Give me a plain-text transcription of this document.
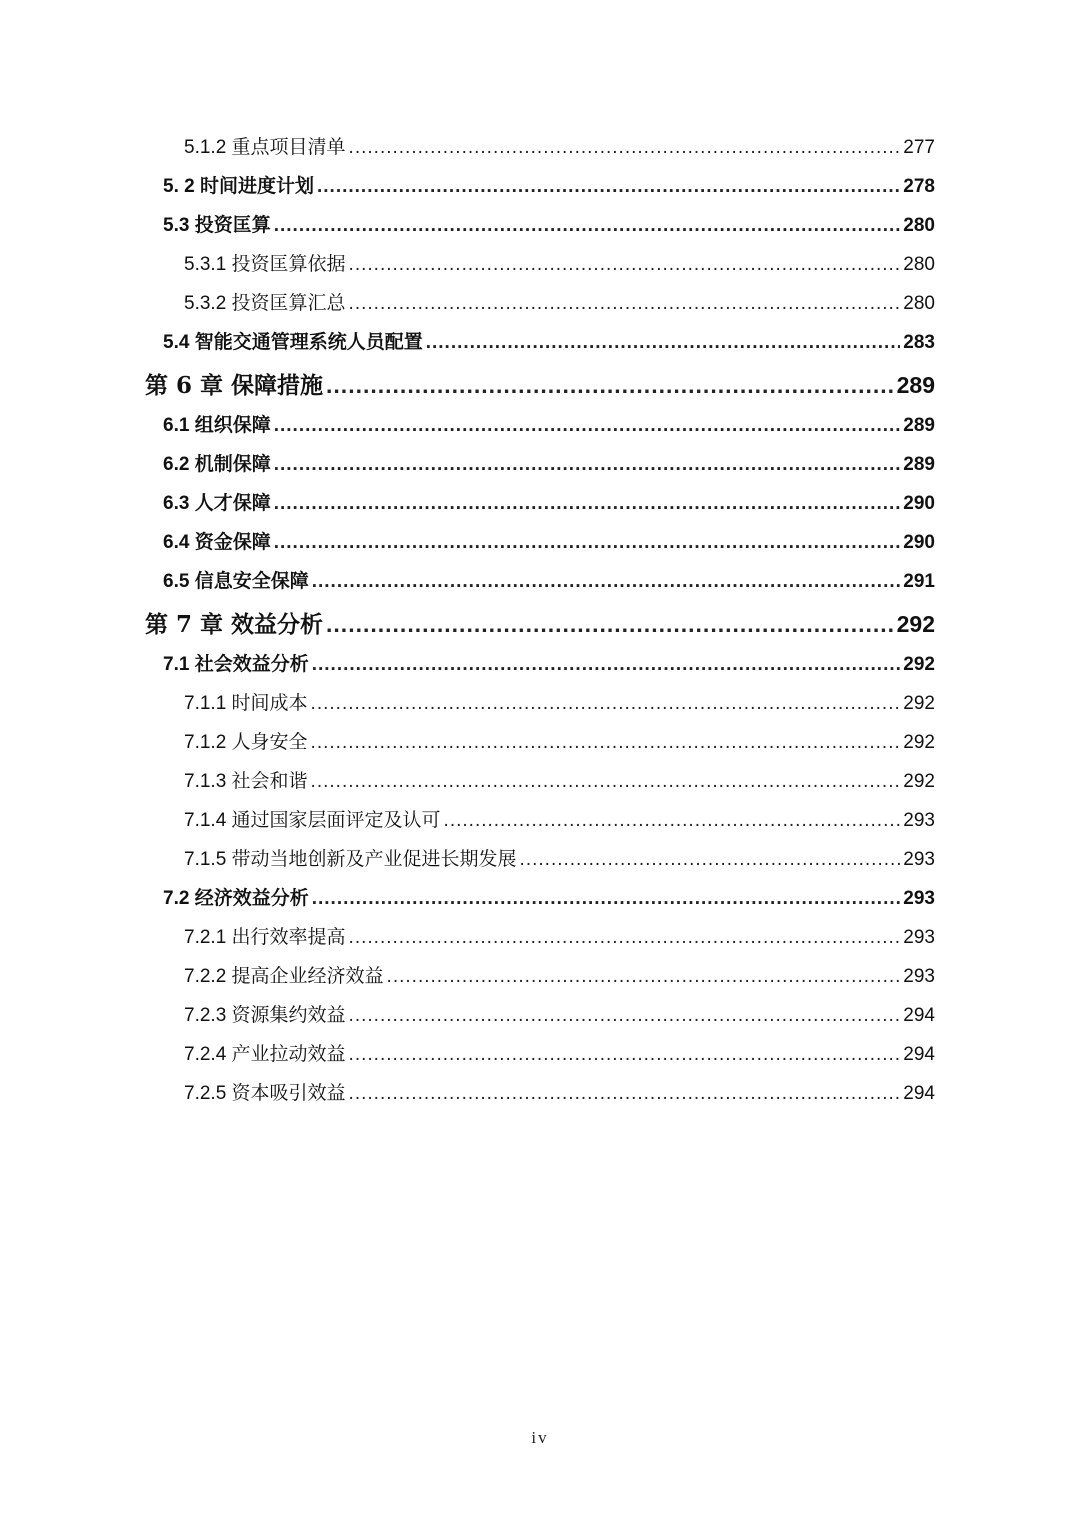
5.1.2 重点项目清单 .....	277
5. 2 时间进度计划 .....	278
5.3 投资匡算 .....	280
5.3.1 投资匡算依据 .....	280
5.3.2 投资匡算汇总 .....	280
5.4 智能交通管理系统人员配置 .....	283
第 6 章 保障措施 .....	289
6.1 组织保障 .....	289
6.2 机制保障 .....	289
6.3 人才保障 .....	290
6.4 资金保障 .....	290
6.5 信息安全保障 .....	291
第 7 章 效益分析 .....	292
7.1 社会效益分析 .....	292
7.1.1 时间成本 .....	292
7.1.2 人身安全 .....	292
7.1.3 社会和谐 .....	292
7.1.4 通过国家层面评定及认可 .....	293
7.1.5 带动当地创新及产业促进长期发展 .....	293
7.2 经济效益分析 .....	293
7.2.1 出行效率提高 .....	293
7.2.2 提高企业经济效益 .....	293
7.2.3 资源集约效益 .....	294
7.2.4 产业拉动效益 .....	294
7.2.5 资本吸引效益 .....	294
iv
